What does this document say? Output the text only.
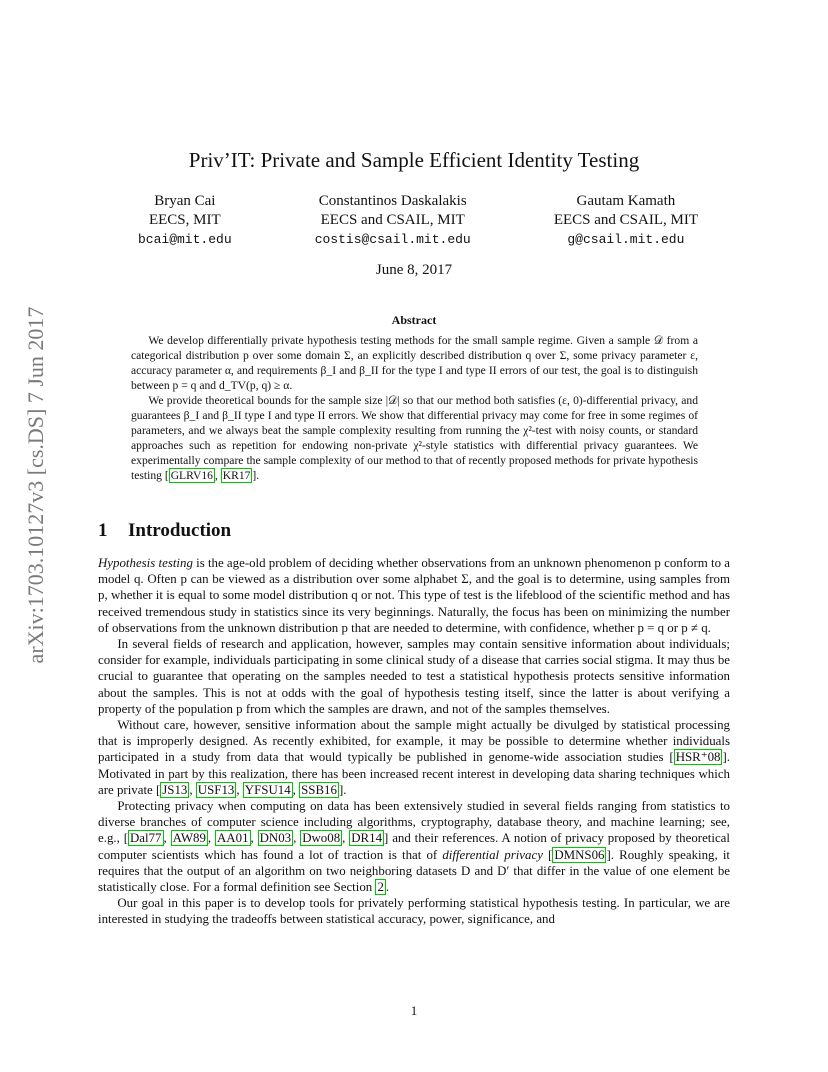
arXiv:1703.10127v3 [cs.DS] 7 Jun 2017
Priv’IT: Private and Sample Efficient Identity Testing
Bryan Cai
EECS, MIT
bcai@mit.edu
Constantinos Daskalakis
EECS and CSAIL, MIT
costis@csail.mit.edu
Gautam Kamath
EECS and CSAIL, MIT
g@csail.mit.edu
June 8, 2017
Abstract

We develop differentially private hypothesis testing methods for the small sample regime. Given a sample 𝒟 from a categorical distribution p over some domain Σ, an explicitly described distribution q over Σ, some privacy parameter ε, accuracy parameter α, and requirements β_I and β_II for the type I and type II errors of our test, the goal is to distinguish between p = q and d_TV(p, q) ≥ α.

We provide theoretical bounds for the sample size |𝒟| so that our method both satisfies (ε, 0)-differential privacy, and guarantees β_I and β_II type I and type II errors. We show that differential privacy may come for free in some regimes of parameters, and we always beat the sample complexity resulting from running the χ²-test with noisy counts, or standard approaches such as repetition for endowing non-private χ²-style statistics with differential privacy guarantees. We experimentally compare the sample complexity of our method to that of recently proposed methods for private hypothesis testing [ GLRV16 , KR17 ].

1 Introduction

Hypothesis testing is the age-old problem of deciding whether observations from an unknown phenomenon p conform to a model q. Often p can be viewed as a distribution over some alphabet Σ, and the goal is to determine, using samples from p, whether it is equal to some model distribution q or not. This type of test is the lifeblood of the scientific method and has received tremendous study in statistics since its very beginnings. Naturally, the focus has been on minimizing the number of observations from the unknown distribution p that are needed to determine, with confidence, whether p = q or p ≠ q.

In several fields of research and application, however, samples may contain sensitive information about individuals; consider for example, individuals participating in some clinical study of a disease that carries social stigma. It may thus be crucial to guarantee that operating on the samples needed to test a statistical hypothesis protects sensitive information about the samples. This is not at odds with the goal of hypothesis testing itself, since the latter is about verifying a property of the population p from which the samples are drawn, and not of the samples themselves.

Without care, however, sensitive information about the sample might actually be divulged by statistical processing that is improperly designed. As recently exhibited, for example, it may be possible to determine whether individuals participated in a study from data that would typically be published in genome-wide association studies [ HSR⁺08 ]. Motivated in part by this realization, there has been increased recent interest in developing data sharing techniques which are private [ JS13 , USF13 , YFSU14 , SSB16 ].

Protecting privacy when computing on data has been extensively studied in several fields ranging from statistics to diverse branches of computer science including algorithms, cryptography, database theory, and machine learning; see, e.g., [ Dal77 , AW89 , AA01 , DN03 , Dwo08 , DR14 ] and their references. A notion of privacy proposed by theoretical computer scientists which has found a lot of traction is that of differential privacy [ DMNS06 ]. Roughly speaking, it requires that the output of an algorithm on two neighboring datasets D and D′ that differ in the value of one element be statistically close. For a formal definition see Section 2 .

Our goal in this paper is to develop tools for privately performing statistical hypothesis testing. In particular, we are interested in studying the tradeoffs between statistical accuracy, power, significance, and

1
